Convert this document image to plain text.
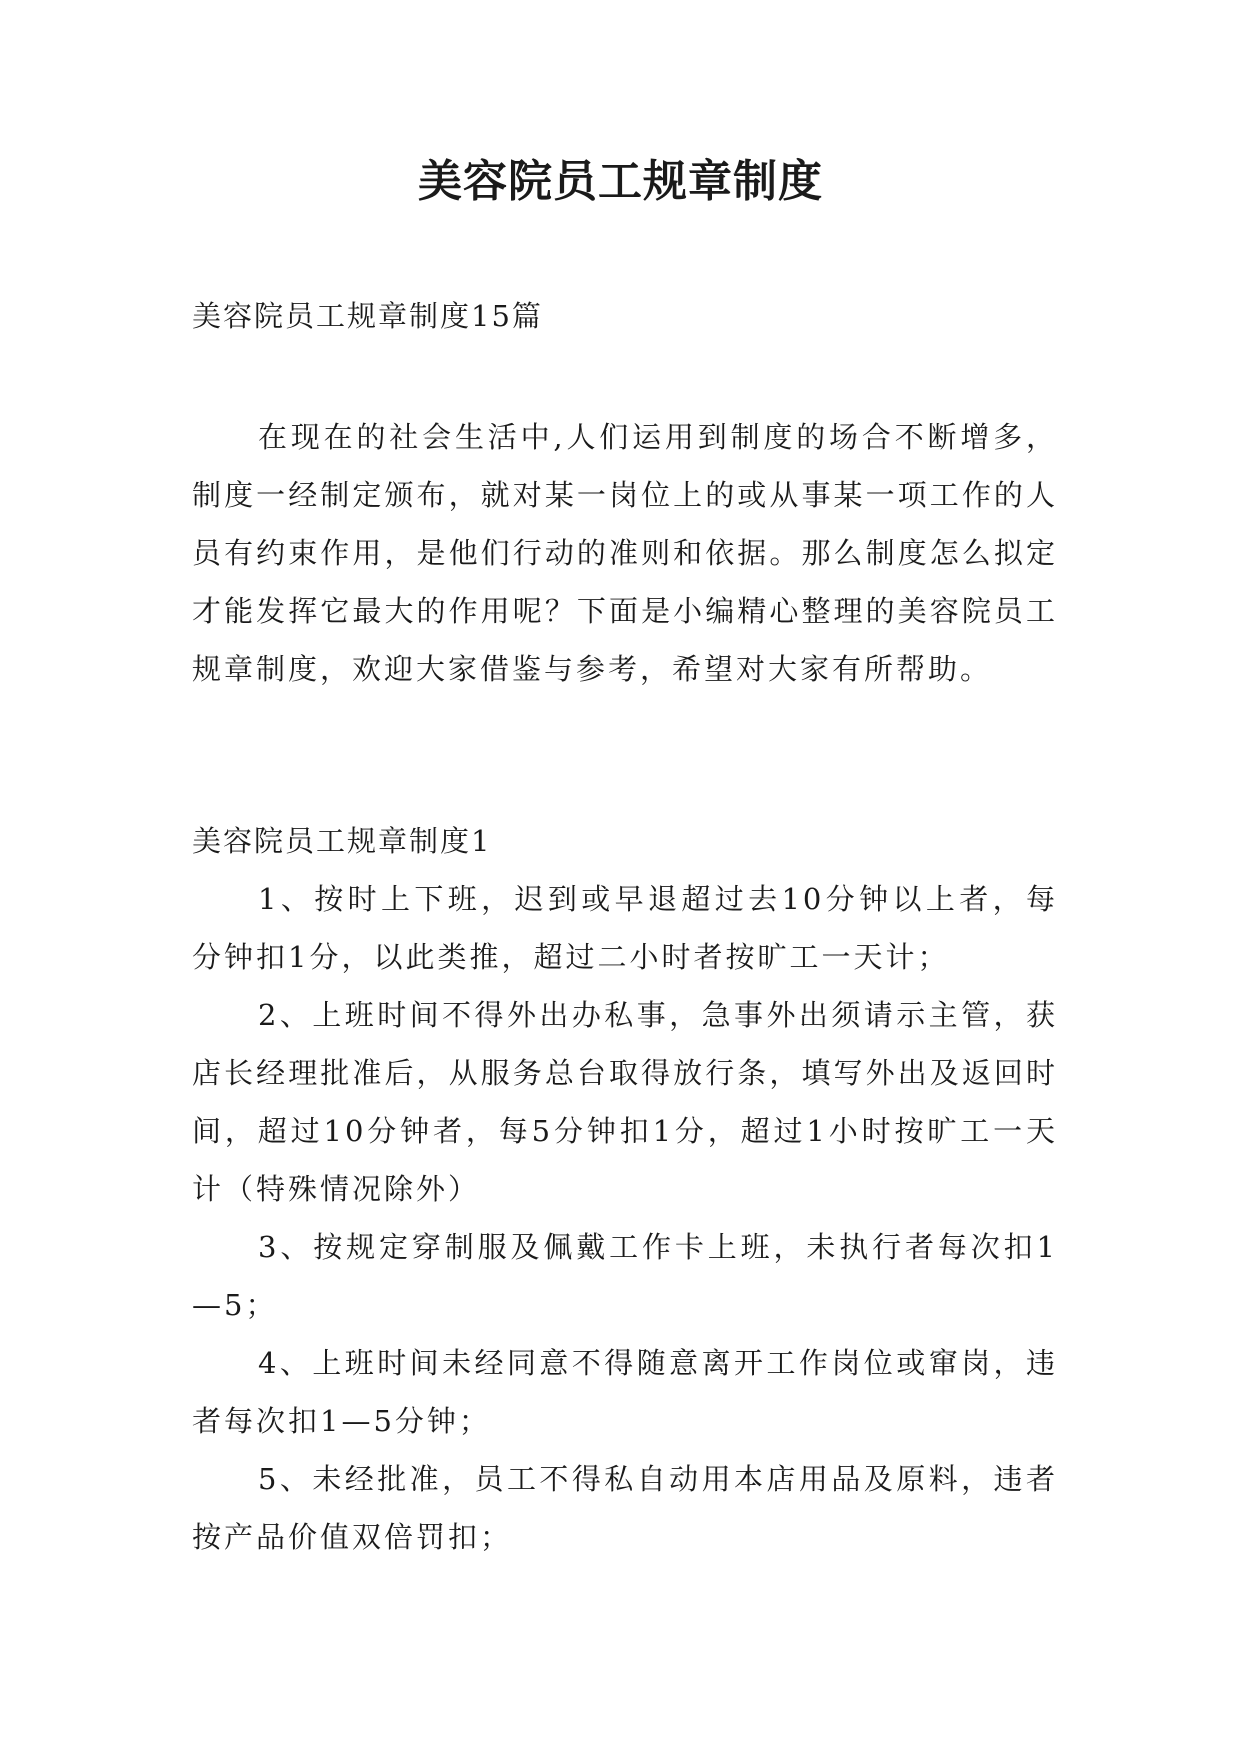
美容院员工规章制度

美容院员工规章制度15篇

在现在的社会生活中,人们运用到制度的场合不断增多，制度一经制定颁布，就对某一岗位上的或从事某一项工作的人员有约束作用，是他们行动的准则和依据。那么制度怎么拟定才能发挥它最大的作用呢？下面是小编精心整理的美容院员工规章制度，欢迎大家借鉴与参考，希望对大家有所帮助。

美容院员工规章制度1

1、按时上下班，迟到或早退超过去10分钟以上者，每分钟扣1分，以此类推，超过二小时者按旷工一天计；

2、上班时间不得外出办私事，急事外出须请示主管，获店长经理批准后，从服务总台取得放行条，填写外出及返回时间，超过10分钟者，每5分钟扣1分，超过1小时按旷工一天计（特殊情况除外）

3、按规定穿制服及佩戴工作卡上班，未执行者每次扣1—5；

4、上班时间未经同意不得随意离开工作岗位或窜岗，违者每次扣1—5分钟；

5、未经批准，员工不得私自动用本店用品及原料，违者按产品价值双倍罚扣；
